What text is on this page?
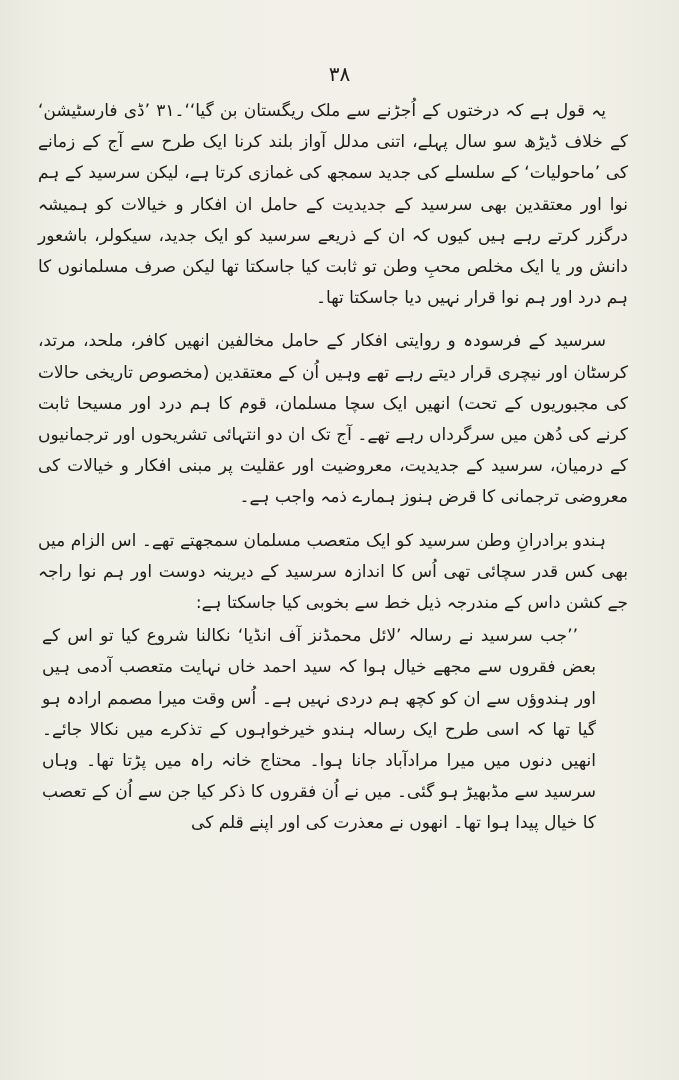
۳۸

یہ قول ہے کہ درختوں کے اُجڑنے سے ملک ریگستان بن گیا‘‘۔۳۱ ’ڈی فارسٹیشن‘ کے خلاف ڈیڑھ سو سال پہلے، اتنی مدلل آواز بلند کرنا ایک طرح سے آج کے زمانے کی ’ماحولیات‘ کے سلسلے کی جدید سمجھ کی غمازی کرتا ہے، لیکن سرسید کے ہم نوا اور معتقدین بھی سرسید کے جدیدیت کے حامل ان افکار و خیالات کو ہمیشہ درگزر کرتے رہے ہیں کیوں کہ ان کے ذریعے سرسید کو ایک جدید، سیکولر، باشعور دانش ور یا ایک مخلص محبِ وطن تو ثابت کیا جاسکتا تھا لیکن صرف مسلمانوں کا ہم درد اور ہم نوا قرار نہیں دیا جاسکتا تھا۔

سرسید کے فرسودہ و روایتی افکار کے حامل مخالفین انھیں کافر، ملحد، مرتد، کرسٹان اور نیچری قرار دیتے رہے تھے وہیں اُن کے معتقدین (مخصوص تاریخی حالات کی مجبوریوں کے تحت) انھیں ایک سچا مسلمان، قوم کا ہم درد اور مسیحا ثابت کرنے کی دُھن میں سرگرداں رہے تھے۔ آج تک ان دو انتہائی تشریحوں اور ترجمانیوں کے درمیان، سرسید کے جدیدیت، معروضیت اور عقلیت پر مبنی افکار و خیالات کی معروضی ترجمانی کا قرض ہنوز ہمارے ذمہ واجب ہے۔

ہندو برادرانِ وطن سرسید کو ایک متعصب مسلمان سمجھتے تھے۔ اس الزام میں بھی کس قدر سچائی تھی اُس کا اندازہ سرسید کے دیرینہ دوست اور ہم نوا راجہ جے کشن داس کے مندرجہ ذیل خط سے بخوبی کیا جاسکتا ہے:

’’جب سرسید نے رسالہ ’لائل محمڈنز آف انڈیا‘ نکالنا شروع کیا تو اس کے بعض فقروں سے مجھے خیال ہوا کہ سید احمد خاں نہایت متعصب آدمی ہیں اور ہندوؤں سے ان کو کچھ ہم دردی نہیں ہے۔ اُس وقت میرا مصمم ارادہ ہو گیا تھا کہ اسی طرح ایک رسالہ ہندو خیرخواہوں کے تذکرے میں نکالا جائے۔ انھیں دنوں میں میرا مرادآباد جانا ہوا۔ محتاج خانہ راہ میں پڑتا تھا۔ وہاں سرسید سے مڈبھیڑ ہو گئی۔ میں نے اُن فقروں کا ذکر کیا جن سے اُن کے تعصب کا خیال پیدا ہوا تھا۔ انھوں نے معذرت کی اور اپنے قلم کی
